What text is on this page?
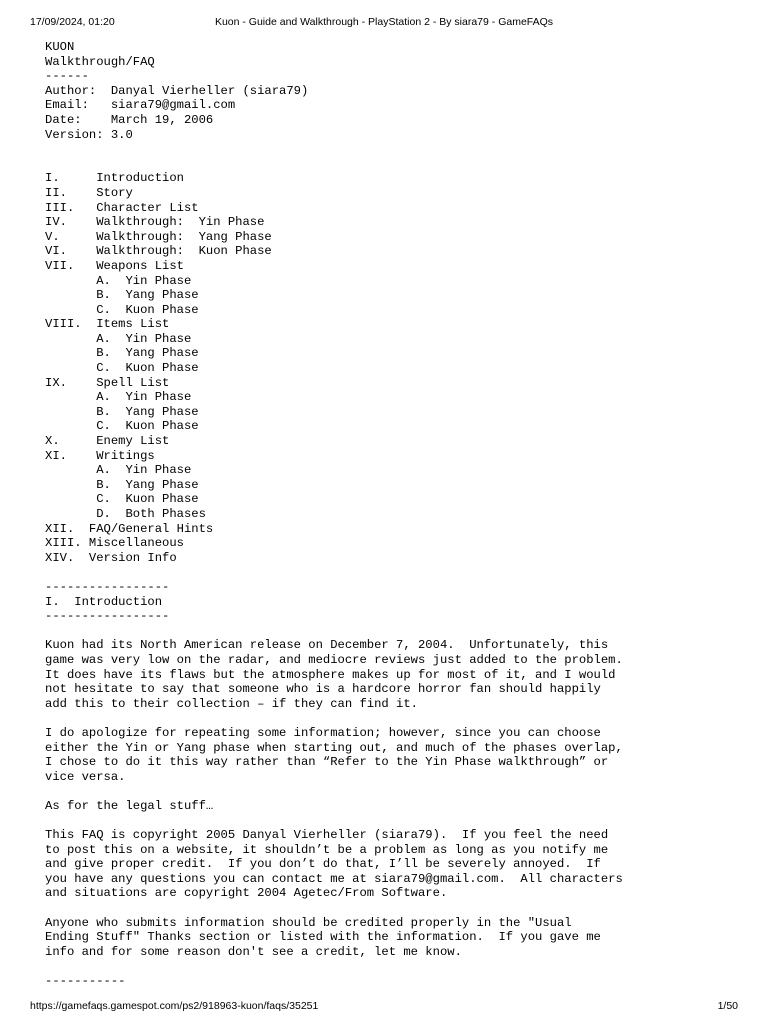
Kuon - Guide and Walkthrough - PlayStation 2 - By siara79 - GameFAQs
17/09/2024, 01:20
KUON
Walkthrough/FAQ
------
Author:  Danyal Vierheller (siara79)
Email:   siara79@gmail.com
Date:    March 19, 2006
Version: 3.0

I.     Introduction
II.    Story
III.   Character List
IV.    Walkthrough:  Yin Phase
V.     Walkthrough:  Yang Phase
VI.    Walkthrough:  Kuon Phase
VII.   Weapons List
A.  Yin Phase
B.  Yang Phase
C.  Kuon Phase
VIII.  Items List
A.  Yin Phase
B.  Yang Phase
C.  Kuon Phase
IX.    Spell List
A.  Yin Phase
B.  Yang Phase
C.  Kuon Phase
X.     Enemy List
XI.    Writings
A.  Yin Phase
B.  Yang Phase
C.  Kuon Phase
D.  Both Phases
XII.  FAQ/General Hints
XIII. Miscellaneous
XIV.  Version Info

-----------------
I.  Introduction
-----------------

Kuon had its North American release on December 7, 2004.  Unfortunately, this
game was very low on the radar, and mediocre reviews just added to the problem.
It does have its flaws but the atmosphere makes up for most of it, and I would
not hesitate to say that someone who is a hardcore horror fan should happily
add this to their collection – if they can find it.

I do apologize for repeating some information; however, since you can choose
either the Yin or Yang phase when starting out, and much of the phases overlap,
I chose to do it this way rather than “Refer to the Yin Phase walkthrough” or
vice versa.

As for the legal stuff…

This FAQ is copyright 2005 Danyal Vierheller (siara79).  If you feel the need
to post this on a website, it shouldn’t be a problem as long as you notify me
and give proper credit.  If you don’t do that, I’ll be severely annoyed.  If
you have any questions you can contact me at siara79@gmail.com.  All characters
and situations are copyright 2004 Agetec/From Software.

Anyone who submits information should be credited properly in the "Usual
Ending Stuff" Thanks section or listed with the information.  If you gave me
info and for some reason don't see a credit, let me know.

-----------

https://gamefaqs.gamespot.com/ps2/918963-kuon/faqs/35251	1/50
